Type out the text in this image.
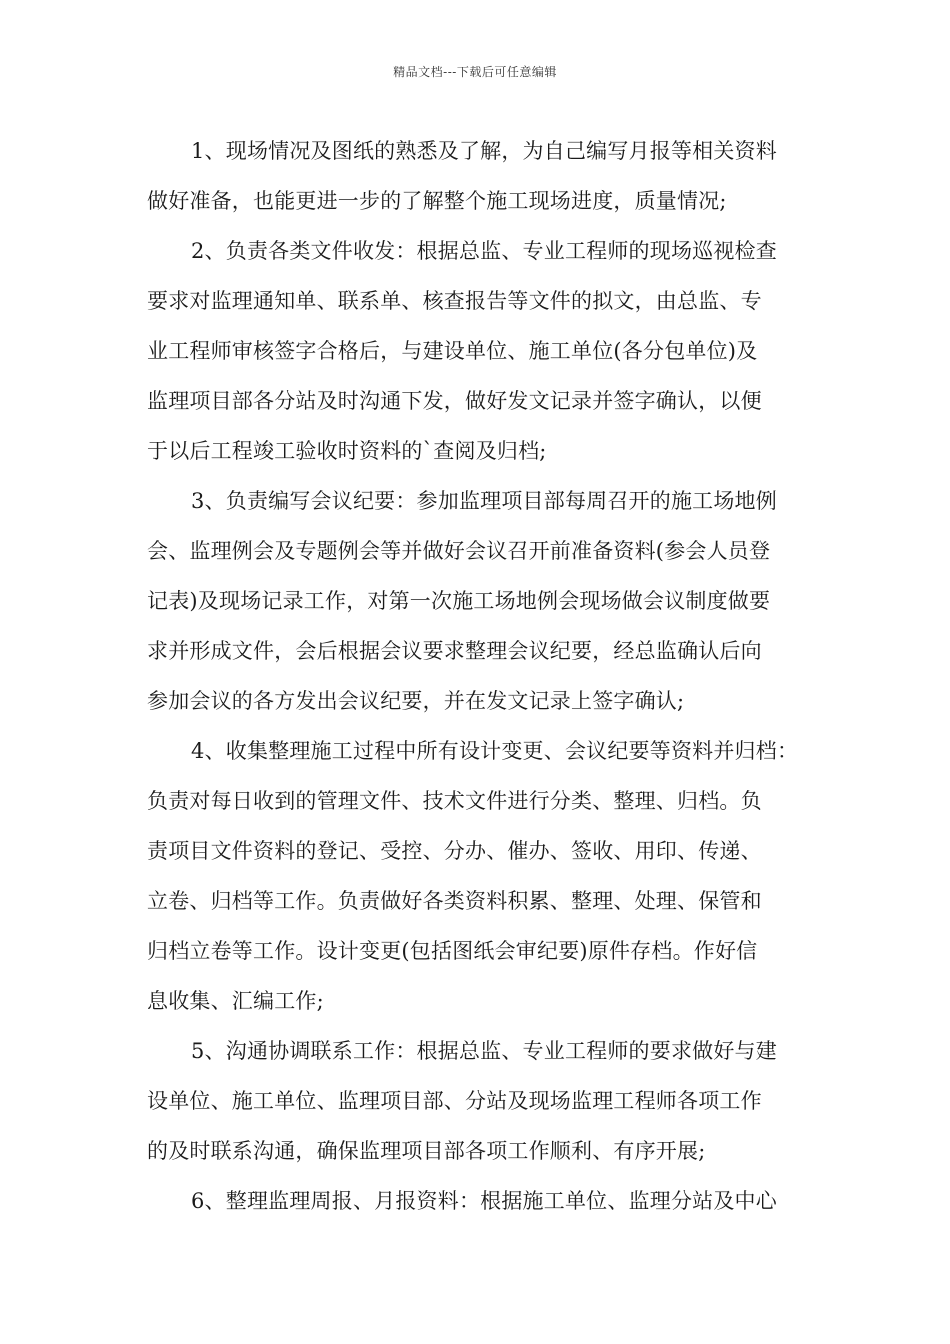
精品文档---下载后可任意编辑
1、现场情况及图纸的熟悉及了解，为自己编写月报等相关资料
做好准备，也能更进一步的了解整个施工现场进度，质量情况;
2、负责各类文件收发：根据总监、专业工程师的现场巡视检查
要求对监理通知单、联系单、核查报告等文件的拟文，由总监、专
业工程师审核签字合格后，与建设单位、施工单位(各分包单位)及
监理项目部各分站及时沟通下发，做好发文记录并签字确认，以便
于以后工程竣工验收时资料的`查阅及归档;
3、负责编写会议纪要：参加监理项目部每周召开的施工场地例
会、监理例会及专题例会等并做好会议召开前准备资料(参会人员登
记表)及现场记录工作，对第一次施工场地例会现场做会议制度做要
求并形成文件，会后根据会议要求整理会议纪要，经总监确认后向
参加会议的各方发出会议纪要，并在发文记录上签字确认;
4、收集整理施工过程中所有设计变更、会议纪要等资料并归档：
负责对每日收到的管理文件、技术文件进行分类、整理、归档。负
责项目文件资料的登记、受控、分办、催办、签收、用印、传递、
立卷、归档等工作。负责做好各类资料积累、整理、处理、保管和
归档立卷等工作。设计变更(包括图纸会审纪要)原件存档。作好信
息收集、汇编工作;
5、沟通协调联系工作：根据总监、专业工程师的要求做好与建
设单位、施工单位、监理项目部、分站及现场监理工程师各项工作
的及时联系沟通，确保监理项目部各项工作顺利、有序开展;
6、整理监理周报、月报资料：根据施工单位、监理分站及中心
